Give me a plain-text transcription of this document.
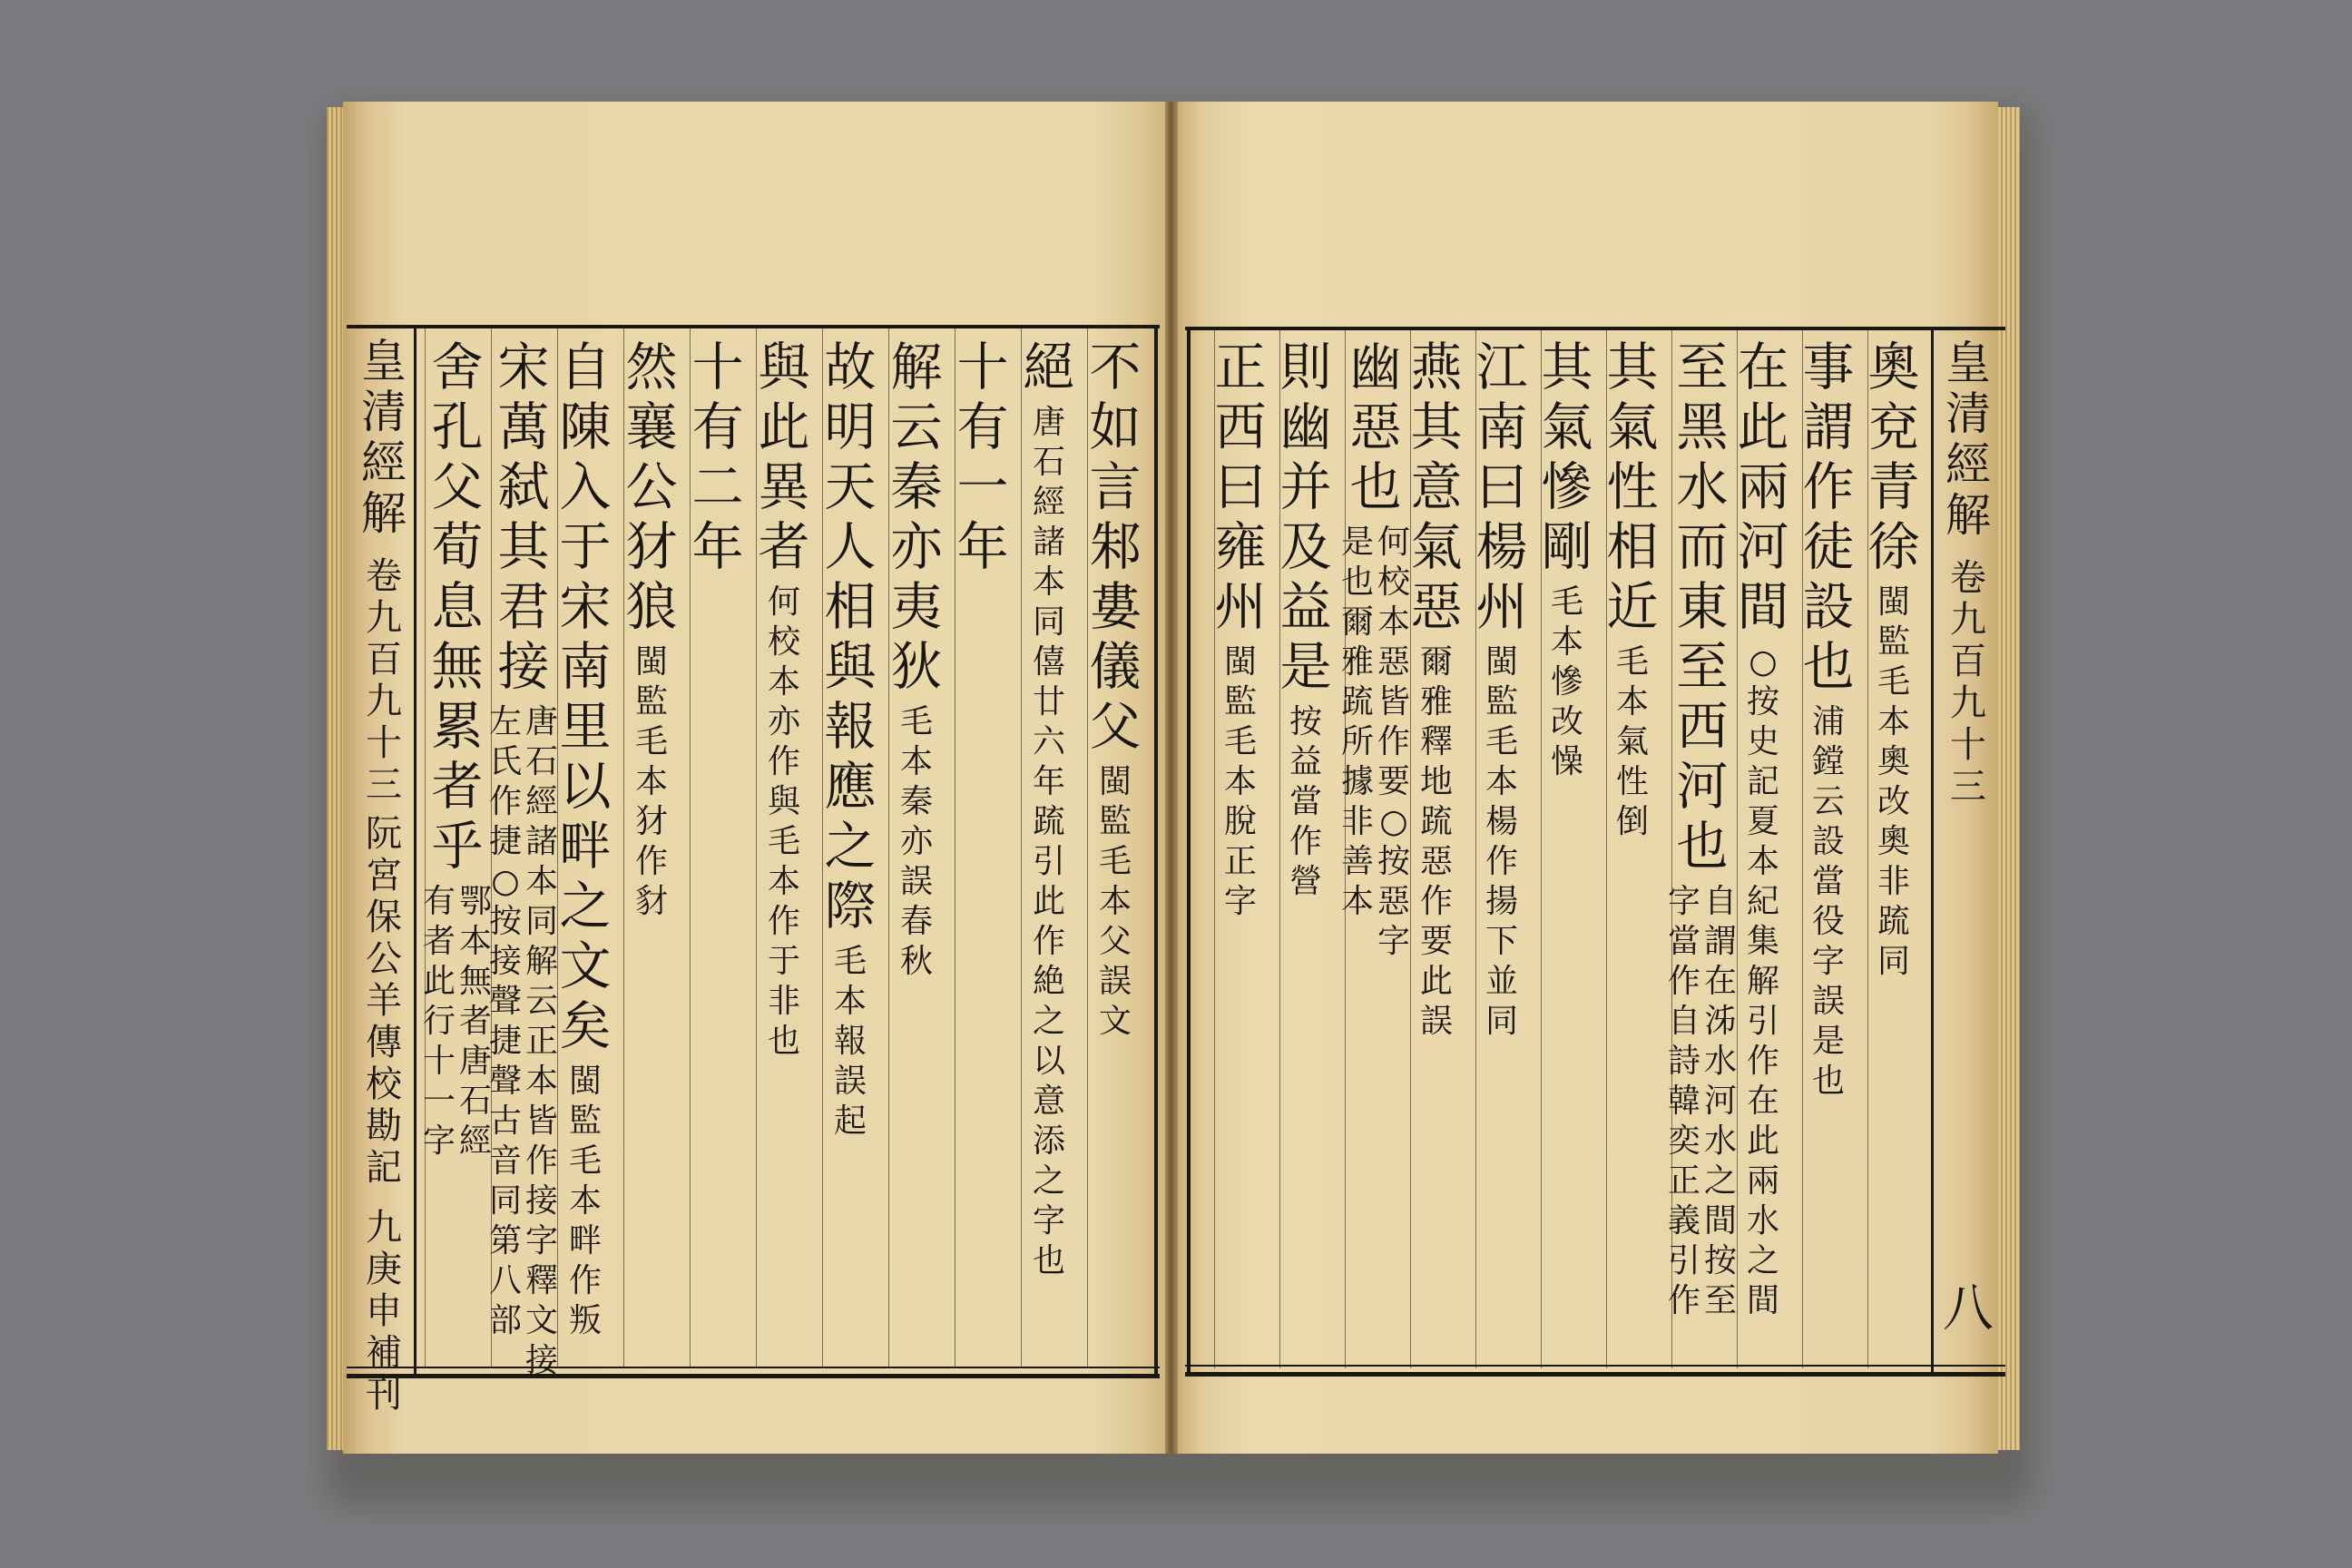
皇
清
經
解
卷
九
百
九
十
三
阮
宮
保
公
羊
傳
校
勘
記
九
庚
申
補
刊
皇
清
經
解
卷
九
百
九
十
三
八
不
如
言
邾
婁
儀
父
閩
監
毛
本
父
誤
文
絕
唐
石
經
諸
本
同
僖
廿
六
年
䟽
引
此
作
絶
之
以
意
添
之
字
也
十
有
一
年
解
云
秦
亦
夷
狄
毛
本
秦
亦
誤
春
秋
故
明
天
人
相
與
報
應
之
際
毛
本
報
誤
起
與
此
異
者
何
校
本
亦
作
與
毛
本
作
于
非
也
十
有
二
年
然
襄
公
犲
狼
閩
監
毛
本
犲
作
豺
自
陳
入
于
宋
南
里
以
畔
之
文
矣
閩
監
毛
本
畔
作
叛
宋
萬
弑
其
君
接
唐
石
經
諸
本
同
解
云
正
本
皆
作
接
字
釋
文
接
左
氏
作
捷
○
按
接
聲
捷
聲
古
音
同
第
八
部
舍
孔
父
荀
息
無
累
者
乎
鄂
本
無
者
唐
石
經
有
者
此
行
十
一
字
奧
兗
青
徐
閩
監
毛
本
奧
改
奧
非
䟽
同
事
謂
作
徒
設
也
浦
鏜
云
設
當
役
字
誤
是
也
在
此
兩
河
間
○
按
史
記
夏
本
紀
集
解
引
作
在
此
兩
水
之
間
至
黑
水
而
東
至
西
河
也
自
謂
在
泲
水
河
水
之
間
按
至
字
當
作
自
詩
韓
奕
正
義
引
作
其
氣
性
相
近
毛
本
氣
性
倒
其
氣
慘
剛
毛
本
慘
改
懆
江
南
曰
楊
州
閩
監
毛
本
楊
作
揚
下
並
同
燕
其
意
氣
惡
爾
雅
釋
地
䟽
惡
作
要
此
誤
幽
惡
也
何
校
本
惡
皆
作
要
○
按
惡
字
是
也
爾
雅
䟽
所
據
非
善
本
則
幽
并
及
益
是
按
益
當
作
營
正
西
曰
雍
州
閩
監
毛
本
脫
正
字
